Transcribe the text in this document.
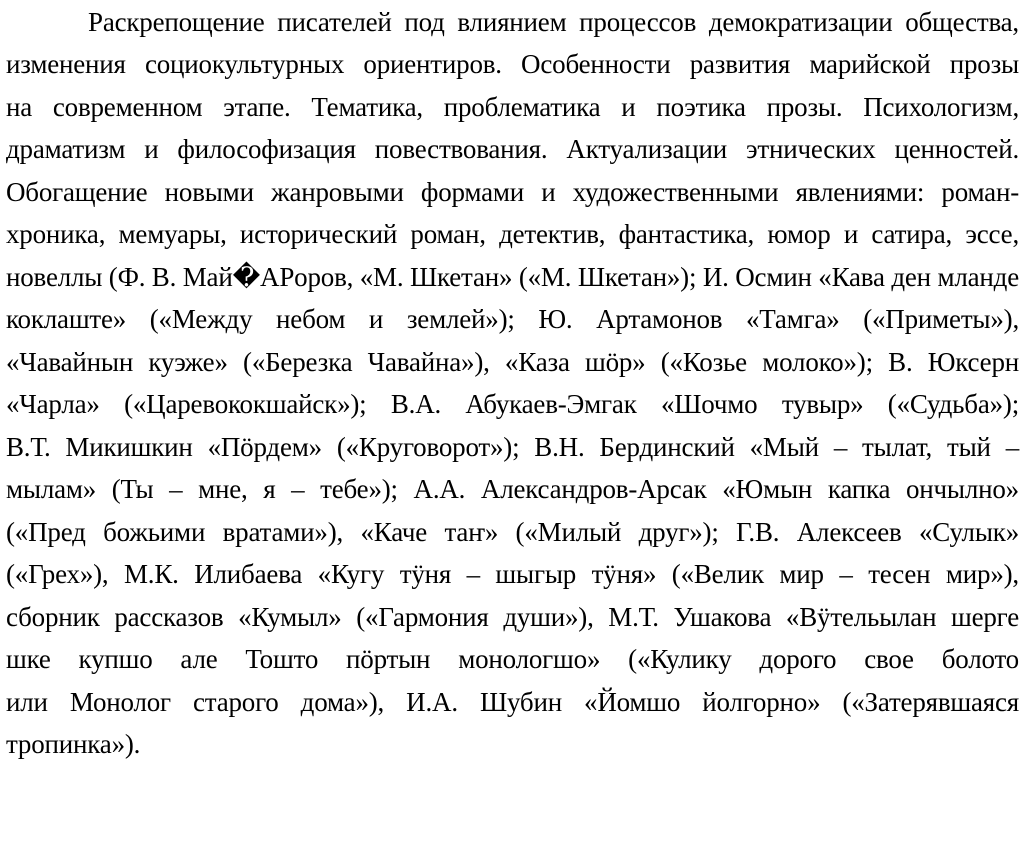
Раскрепощение писателей под влиянием процессов демократизации общества,
изменения социокультурных ориентиров. Особенности развития марийской прозы
на современном этапе. Тематика, проблематика и поэтика прозы. Психологизм,
драматизм и философизация повествования. Актуализации этнических ценностей.
Обогащение новыми жанровыми формами и художественными явлениями: роман-
хроника, мемуары, исторический роман, детектив, фантастика, юмор и сатира, эссе,
новеллы (Ф. В. Май�APоров, «М. Шкетан» («М. Шкетан»); И. Осмин «Кава ден мланде
коклаште» («Между небом и землей»); Ю. Артамонов «Тамга» («Приметы»),
«Чавайнын куэже» («Березка Чавайна»), «Каза шӧр» («Козье молоко»); В. Юксерн
«Чарла» («Царевококшайск»); В.А. Абукаев-Эмгак «Шочмо тувыр» («Судьба»);
В.Т. Микишкин «Пӧрдем» («Круговорот»); В.Н. Бердинский «Мый – тылат, тый –
мылам» (Ты – мне, я – тебе»); А.А. Александров-Арсак «Юмын капка ончылно»
(«Пред божьими вратами»), «Каче таҥ» («Милый друг»); Г.В. Алексеев «Сулык»
(«Грех»), М.К. Илибаева «Кугу тӱня – шыгыр тӱня» («Велик мир – тесен мир»),
сборник рассказов «Кумыл» («Гармония души»), М.Т. Ушакова «Вӱтельылан шерге
шке купшо але Тошто пӧртын монологшо» («Кулику дорого свое болото
или Монолог старого дома»), И.А. Шубин «Йомшо йолгорно» («Затерявшаяся
тропинка»).
